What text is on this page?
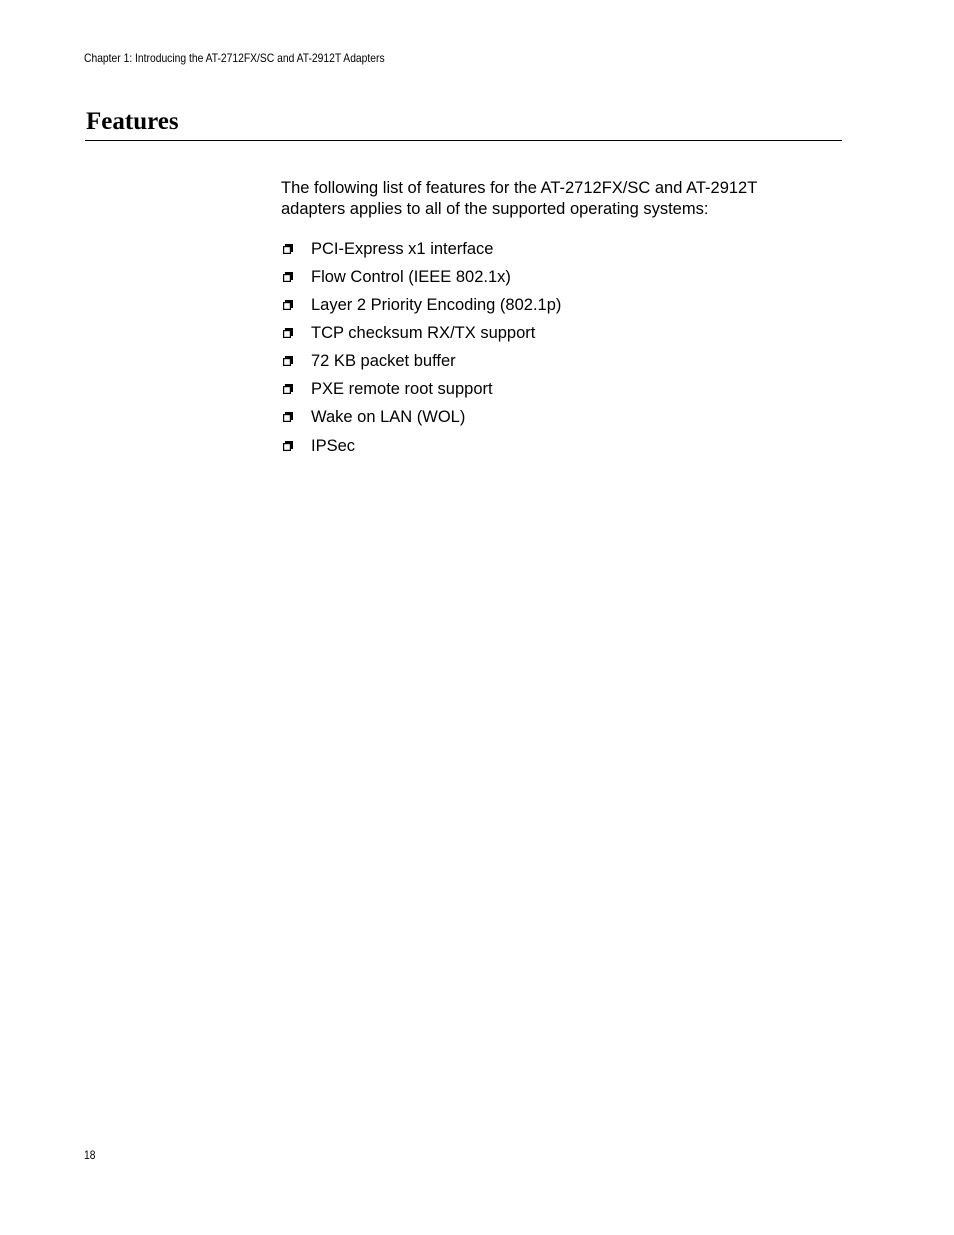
Chapter 1: Introducing the AT-2712FX/SC and AT-2912T Adapters
Features

The following list of features for the AT-2712FX/SC and AT-2912T adapters applies to all of the supported operating systems:

PCI-Express x1 interface
Flow Control (IEEE 802.1x)
Layer 2 Priority Encoding (802.1p)
TCP checksum RX/TX support
72 KB packet buffer
PXE remote root support
Wake on LAN (WOL)
IPSec
18
